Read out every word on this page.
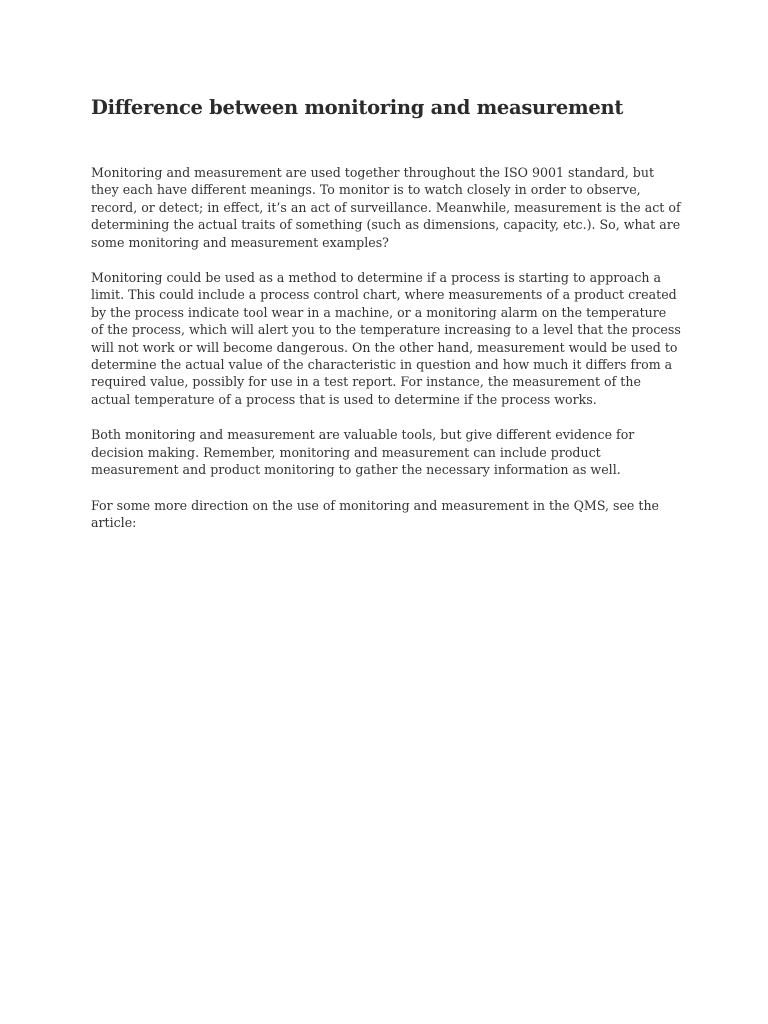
Difference between monitoring and measurement

Monitoring and measurement are used together throughout the ISO 9001 standard, but they each have different meanings. To monitor is to watch closely in order to observe, record, or detect; in effect, it’s an act of surveillance. Meanwhile, measurement is the act of determining the actual traits of something (such as dimensions, capacity, etc.). So, what are some monitoring and measurement examples?

Monitoring could be used as a method to determine if a process is starting to approach a limit. This could include a process control chart, where measurements of a product created by the process indicate tool wear in a machine, or a monitoring alarm on the temperature of the process, which will alert you to the temperature increasing to a level that the process will not work or will become dangerous. On the other hand, measurement would be used to determine the actual value of the characteristic in question and how much it differs from a required value, possibly for use in a test report. For instance, the measurement of the actual temperature of a process that is used to determine if the process works.

Both monitoring and measurement are valuable tools, but give different evidence for decision making. Remember, monitoring and measurement can include product measurement and product monitoring to gather the necessary information as well.

For some more direction on the use of monitoring and measurement in the QMS, see the article:
